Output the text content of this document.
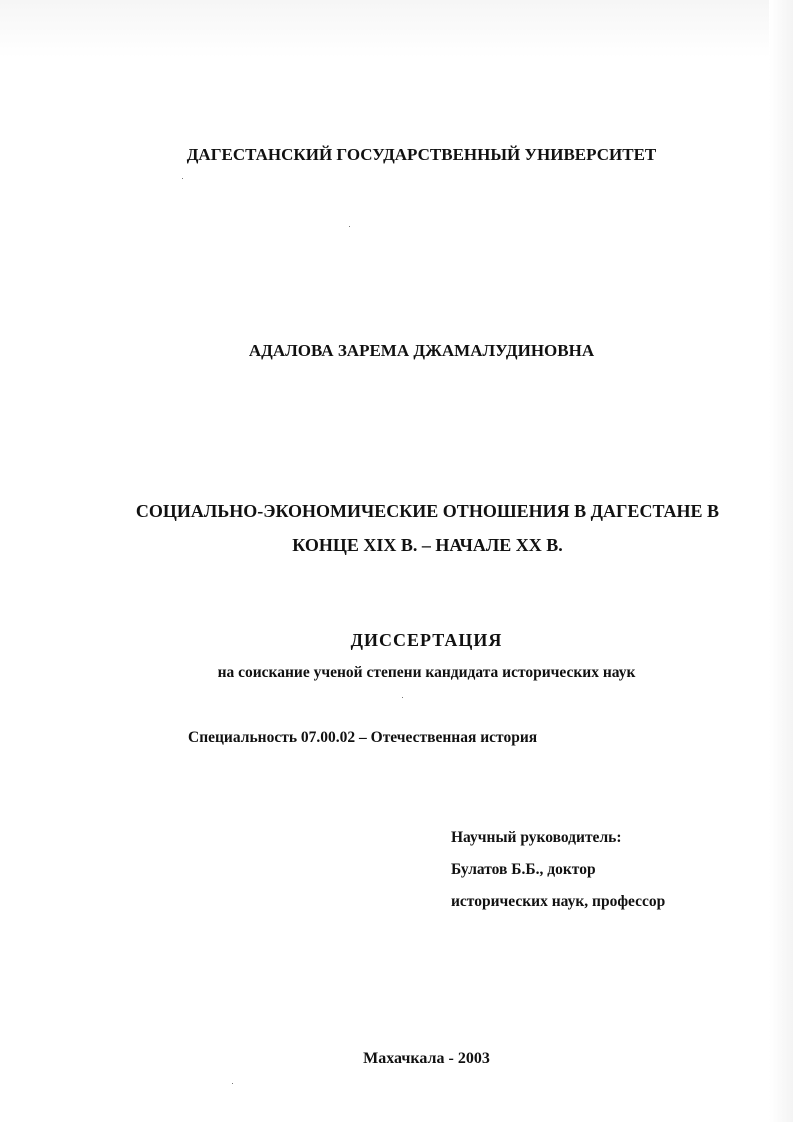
ДАГЕСТАНСКИЙ ГОСУДАРСТВЕННЫЙ УНИВЕРСИТЕТ
АДАЛОВА ЗАРЕМА ДЖАМАЛУДИНОВНА
СОЦИАЛЬНО-ЭКОНОМИЧЕСКИЕ ОТНОШЕНИЯ В ДАГЕСТАНЕ В
КОНЦЕ XIX В. – НАЧАЛЕ XX В.
ДИССЕРТАЦИЯ
на соискание ученой степени кандидата исторических наук
Специальность 07.00.02 – Отечественная история
Научный руководитель:
Булатов Б.Б., доктор
исторических наук, профессор
Махачкала - 2003
